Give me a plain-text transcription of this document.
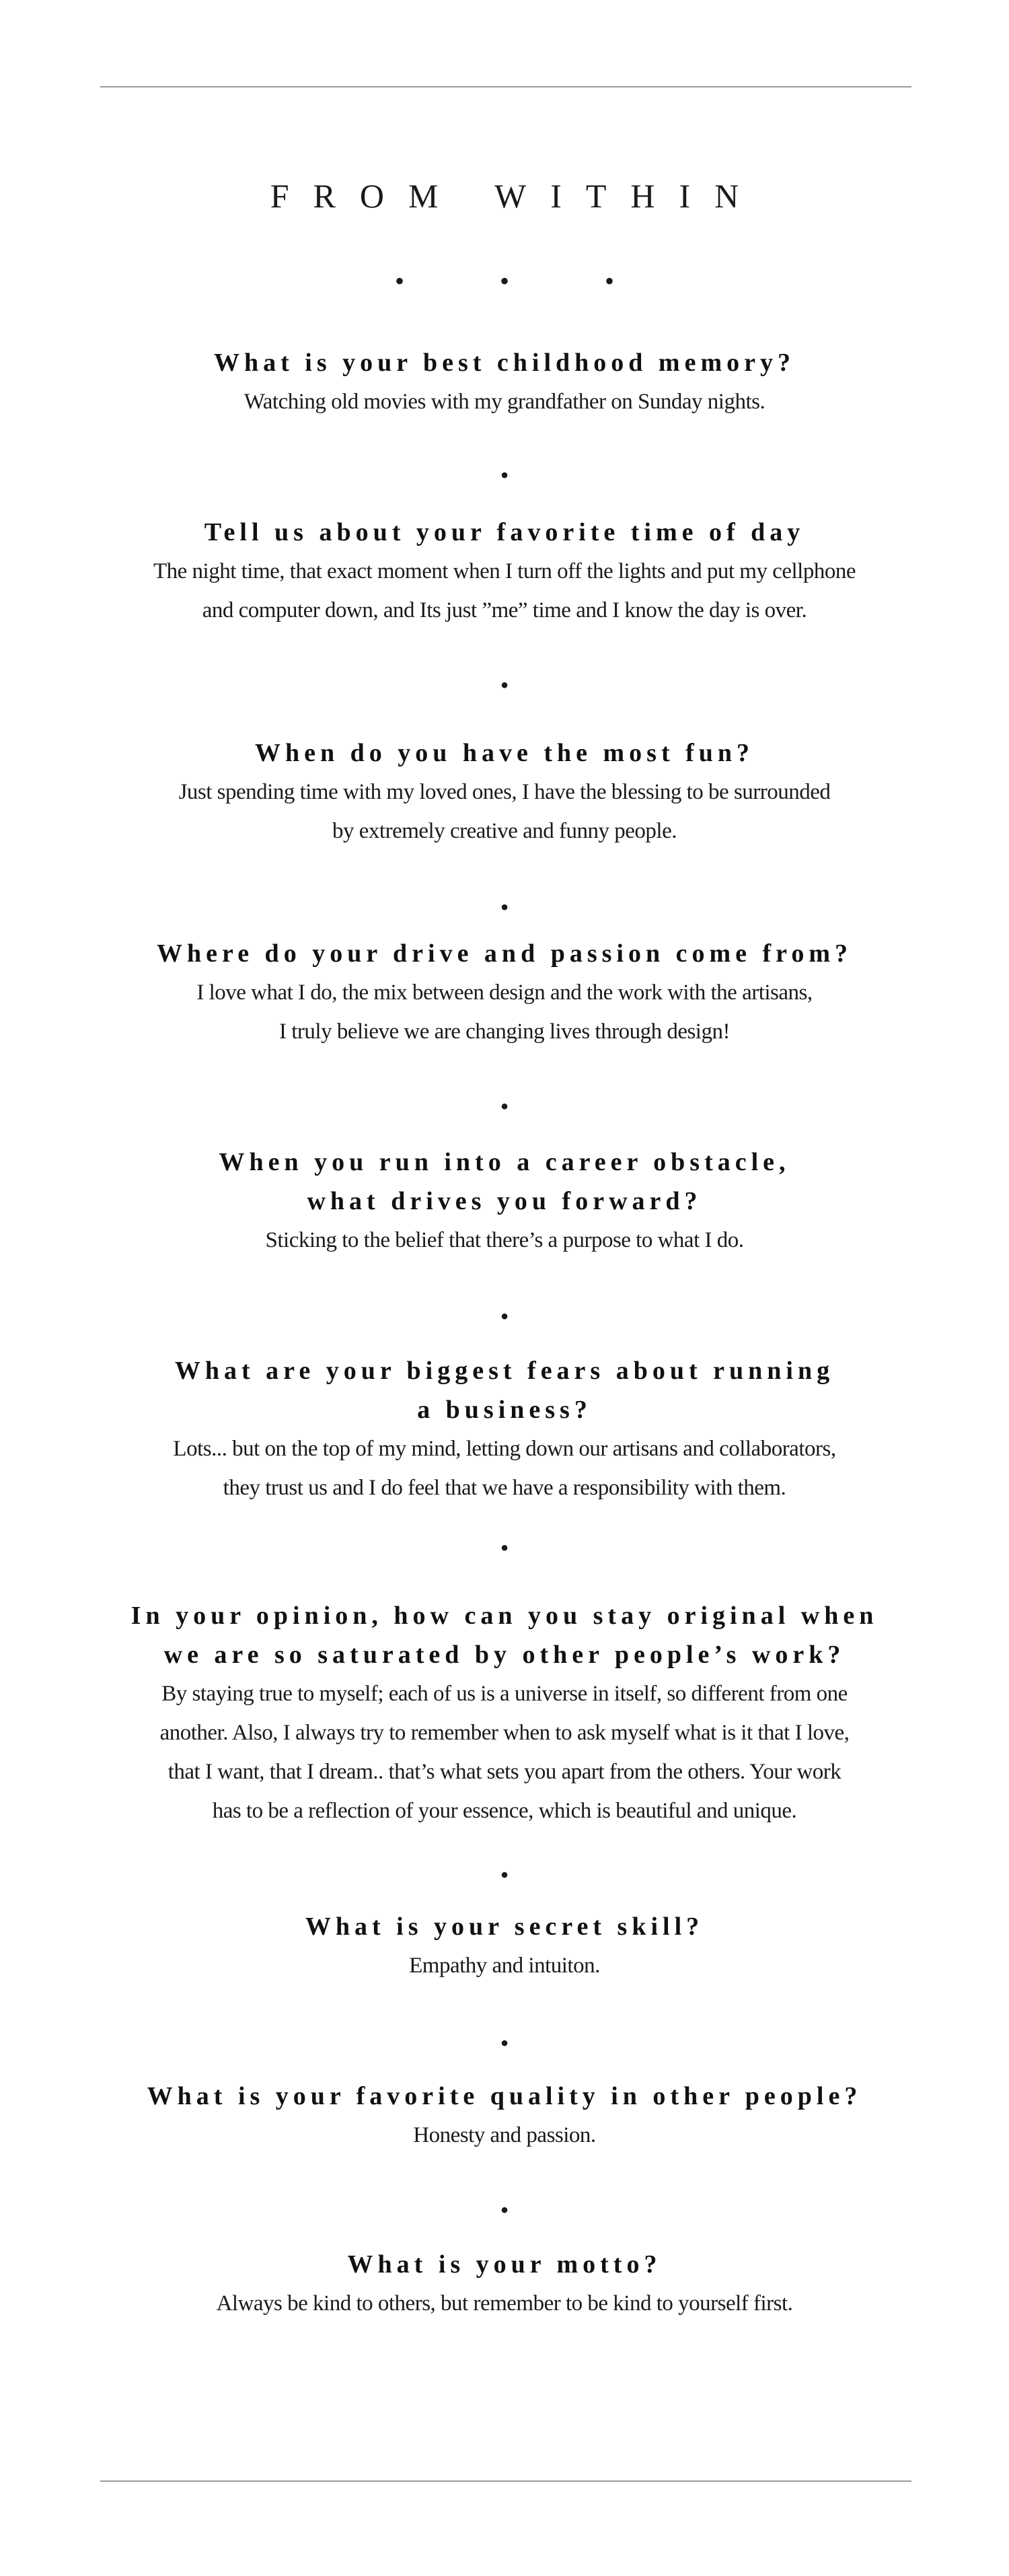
FROM WITHIN
• • •

What is your best childhood memory?

Watching old movies with my grandfather on Sunday nights.

•

Tell us about your favorite time of day

The night time, that exact moment when I turn off the lights and put my cellphone
and computer down, and Its just ”me” time and I know the day is over.

•

When do you have the most fun?

Just spending time with my loved ones, I have the blessing to be surrounded
by extremely creative and funny people.

•

Where do your drive and passion come from?

I love what I do, the mix between design and the work with the artisans,
I truly believe we are changing lives through design!

•

When you run into a career obstacle,
what drives you forward?

Sticking to the belief that there’s a purpose to what I do.

•

What are your biggest fears about running
a business?

Lots... but on the top of my mind, letting down our artisans and collaborators,
they trust us and I do feel that we have a responsibility with them.

•

In your opinion, how can you stay original when
we are so saturated by other people’s work?

By staying true to myself; each of us is a universe in itself, so different from one
another. Also, I always try to remember when to ask myself what is it that I love,
that I want, that I dream.. that’s what sets you apart from the others. Your work
has to be a reflection of your essence, which is beautiful and unique.

•

What is your secret skill?

Empathy and intuiton.

•

What is your favorite quality in other people?

Honesty and passion.

•

What is your motto?

Always be kind to others, but remember to be kind to yourself first.
